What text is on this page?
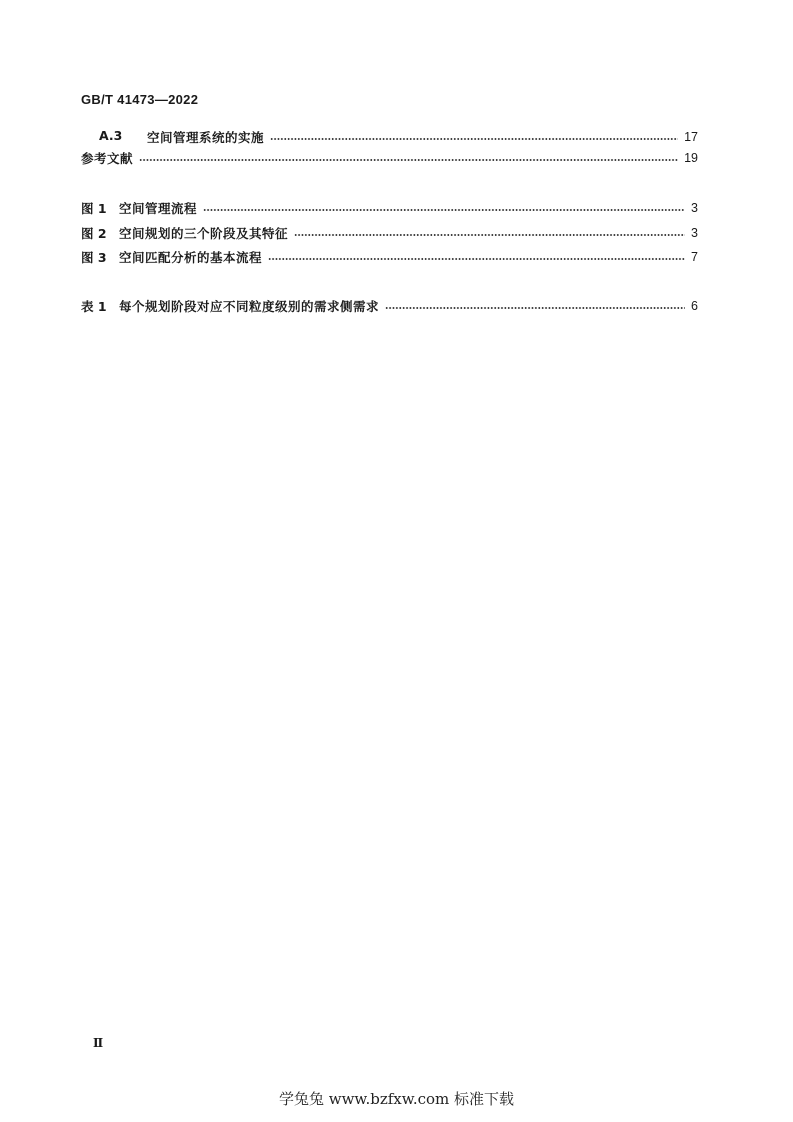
GB/T 41473—2022
A.3	空间管理系统的实施	17
参考文献	19
图 1 空间管理流程	3
图 2 空间规划的三个阶段及其特征	3
图 3 空间匹配分析的基本流程	7
表 1 每个规划阶段对应不同粒度级别的需求侧需求	6
Ⅱ
学兔兔 www.bzfxw.com 标准下载
